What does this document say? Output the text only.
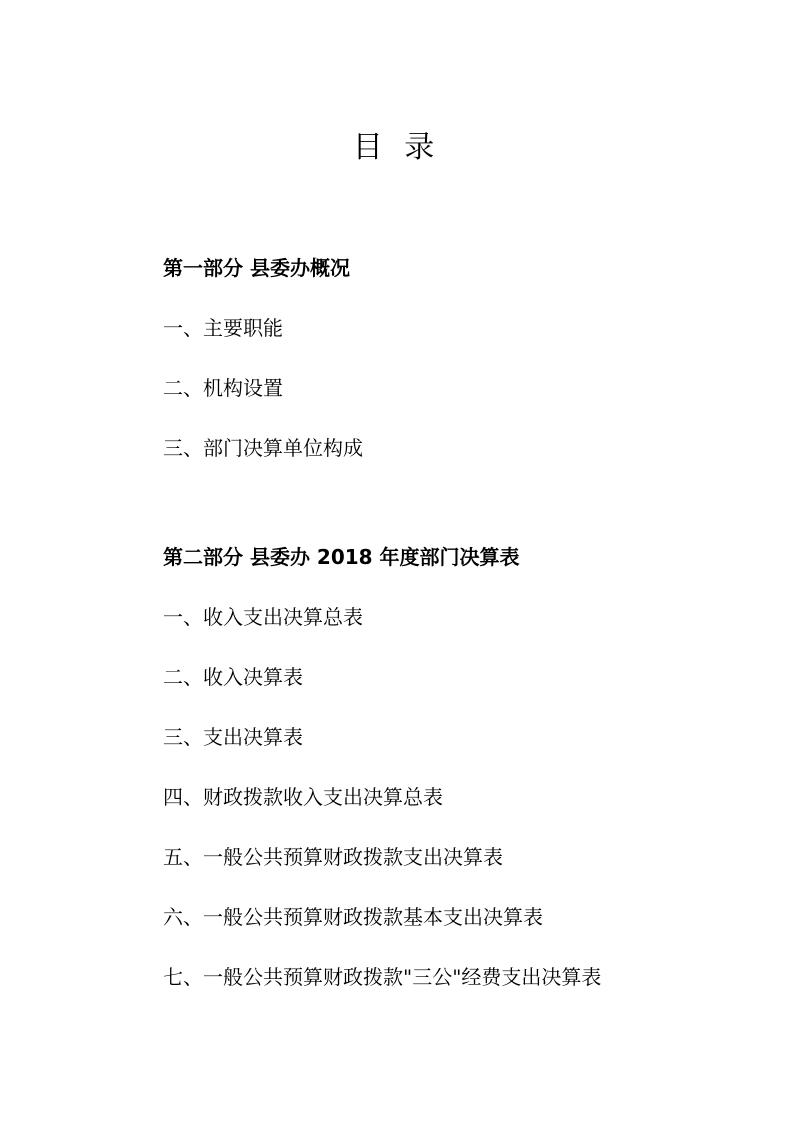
目 录
第一部分 县委办概况
一、主要职能
二、机构设置
三、部门决算单位构成
第二部分 县委办 2018 年度部门决算表
一、收入支出决算总表
二、收入决算表
三、支出决算表
四、财政拨款收入支出决算总表
五、一般公共预算财政拨款支出决算表
六、一般公共预算财政拨款基本支出决算表
七、一般公共预算财政拨款"三公"经费支出决算表
